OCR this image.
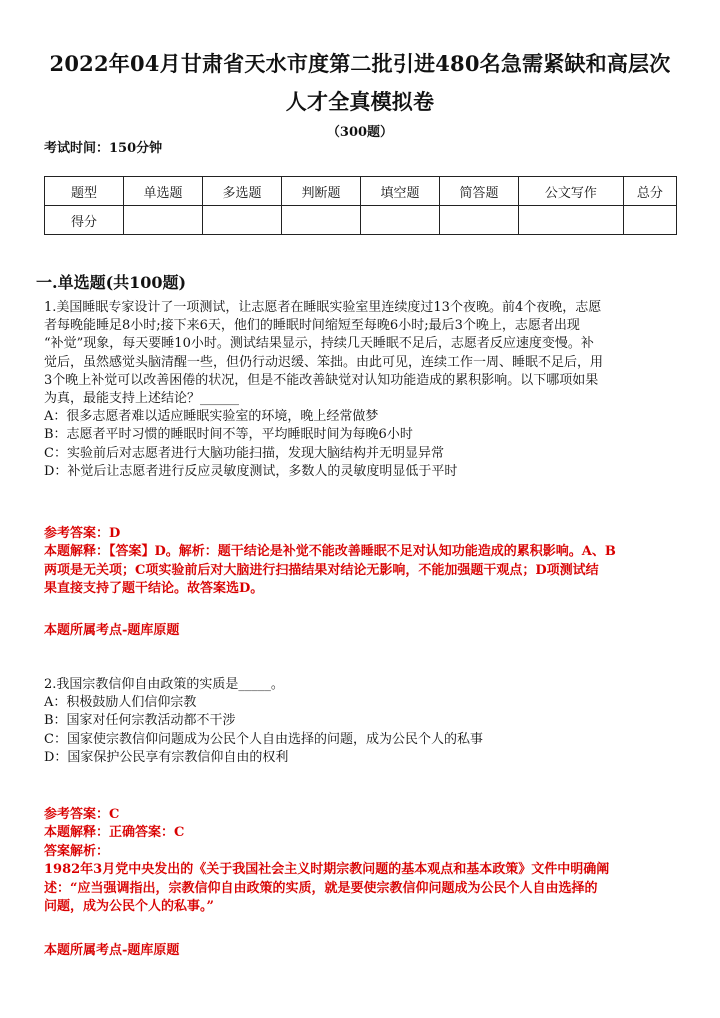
2022年04月甘肃省天水市度第二批引进480名急需紧缺和高层次
人才全真模拟卷
（300题）
考试时间：150分钟
题型	单选题	多选题	判断题	填空题	简答题	公文写作	总分
得分							
一.单选题(共100题)

1.美国睡眠专家设计了一项测试，让志愿者在睡眠实验室里连续度过13个夜晚。前4个夜晚，志愿

者每晚能睡足8小时;接下来6天，他们的睡眠时间缩短至每晚6小时;最后3个晚上，志愿者出现

“补觉”现象，每天要睡10小时。测试结果显示，持续几天睡眠不足后，志愿者反应速度变慢。补

觉后，虽然感觉头脑清醒一些，但仍行动迟缓、笨拙。由此可见，连续工作一周、睡眠不足后，用

3个晚上补觉可以改善困倦的状况，但是不能改善缺觉对认知功能造成的累积影响。以下哪项如果

为真，最能支持上述结论？______

A：很多志愿者难以适应睡眠实验室的环境，晚上经常做梦

B：志愿者平时习惯的睡眠时间不等，平均睡眠时间为每晚6小时

C：实验前后对志愿者进行大脑功能扫描，发现大脑结构并无明显异常

D：补觉后让志愿者进行反应灵敏度测试，多数人的灵敏度明显低于平时

参考答案：D

本题解释：【答案】D。解析：题干结论是补觉不能改善睡眠不足对认知功能造成的累积影响。A、B

两项是无关项；C项实验前后对大脑进行扫描结果对结论无影响，不能加强题干观点；D项测试结

果直接支持了题干结论。故答案选D。

本题所属考点-题库原题

2.我国宗教信仰自由政策的实质是_____。

A：积极鼓励人们信仰宗教

B：国家对任何宗教活动都不干涉

C：国家使宗教信仰问题成为公民个人自由选择的问题，成为公民个人的私事

D：国家保护公民享有宗教信仰自由的权利

参考答案：C

本题解释：正确答案：C

答案解析：

1982年3月党中央发出的《关于我国社会主义时期宗教问题的基本观点和基本政策》文件中明确阐

述：“应当强调指出，宗教信仰自由政策的实质，就是要使宗教信仰问题成为公民个人自由选择的

问题，成为公民个人的私事。”

本题所属考点-题库原题
